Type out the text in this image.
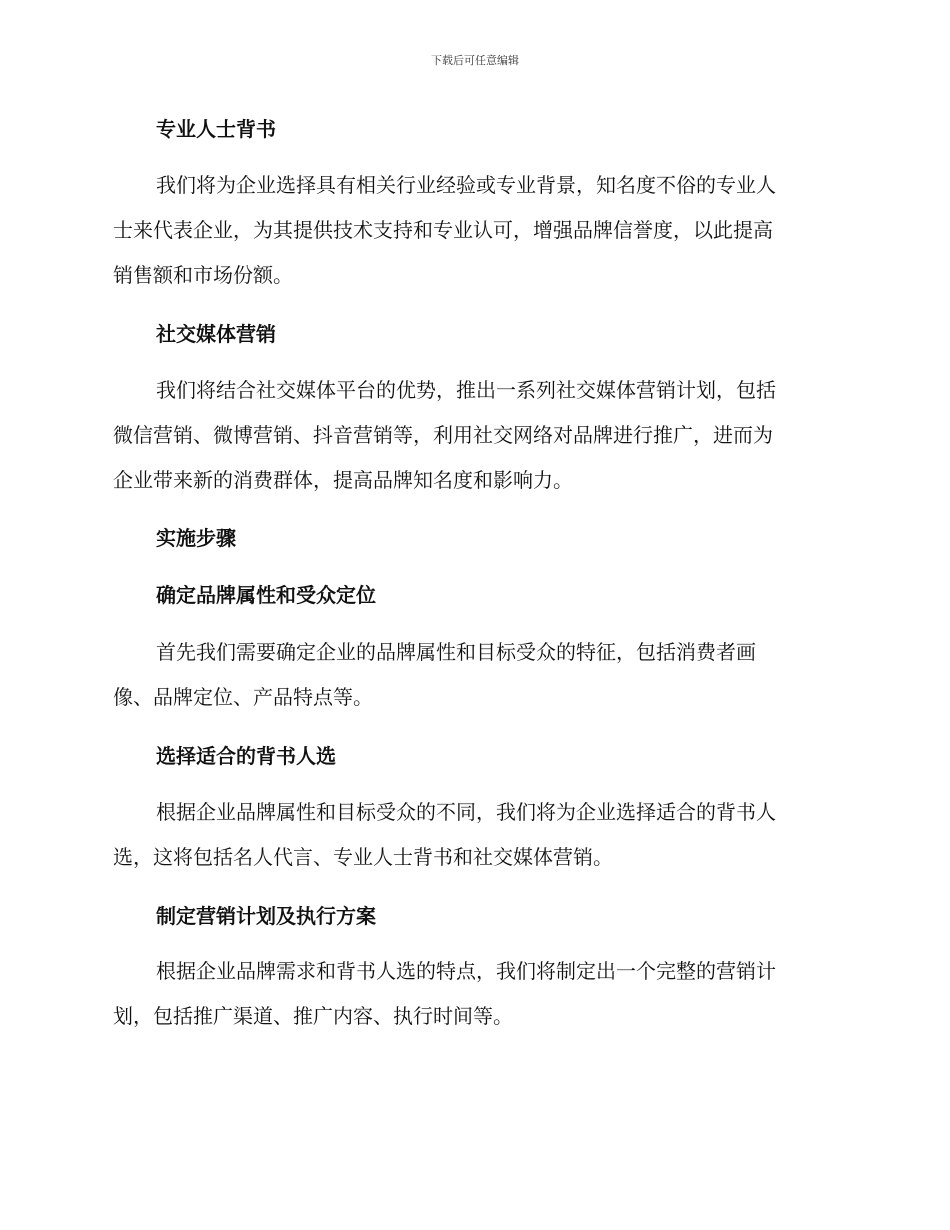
下载后可任意编辑
专业人士背书
我们将为企业选择具有相关行业经验或专业背景，知名度不俗的专业人
士来代表企业，为其提供技术支持和专业认可，增强品牌信誉度，以此提高
销售额和市场份额。
社交媒体营销
我们将结合社交媒体平台的优势，推出一系列社交媒体营销计划，包括
微信营销、微博营销、抖音营销等，利用社交网络对品牌进行推广，进而为
企业带来新的消费群体，提高品牌知名度和影响力。
实施步骤
确定品牌属性和受众定位
首先我们需要确定企业的品牌属性和目标受众的特征，包括消费者画
像、品牌定位、产品特点等。
选择适合的背书人选
根据企业品牌属性和目标受众的不同，我们将为企业选择适合的背书人
选，这将包括名人代言、专业人士背书和社交媒体营销。
制定营销计划及执行方案
根据企业品牌需求和背书人选的特点，我们将制定出一个完整的营销计
划，包括推广渠道、推广内容、执行时间等。
